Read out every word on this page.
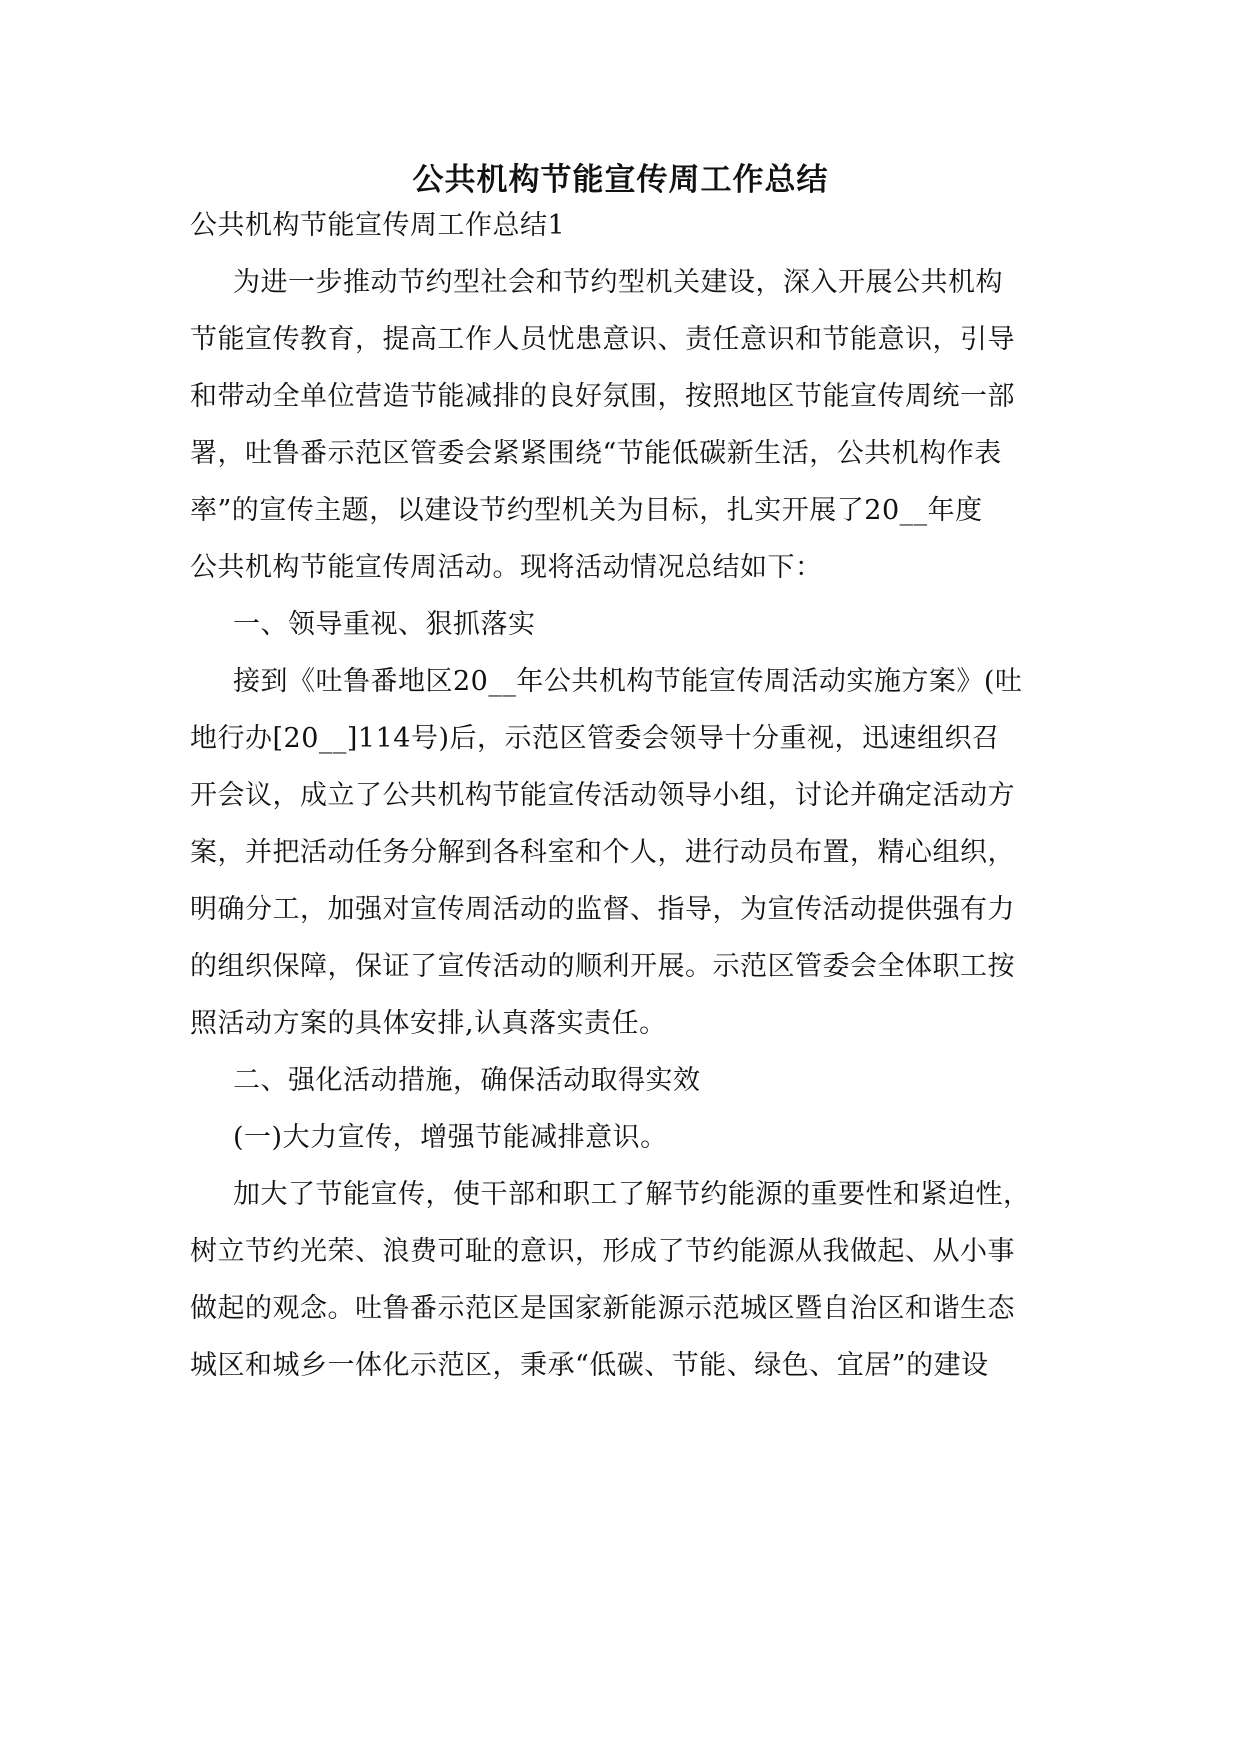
公共机构节能宣传周工作总结
公共机构节能宣传周工作总结1
为进一步推动节约型社会和节约型机关建设，深入开展公共机构
节能宣传教育，提高工作人员忧患意识、责任意识和节能意识，引导
和带动全单位营造节能减排的良好氛围，按照地区节能宣传周统一部
署，吐鲁番示范区管委会紧紧围绕“节能低碳新生活，公共机构作表
率”的宣传主题，以建设节约型机关为目标，扎实开展了20__年度
公共机构节能宣传周活动。现将活动情况总结如下：
一、领导重视、狠抓落实
接到《吐鲁番地区20__年公共机构节能宣传周活动实施方案》(吐
地行办[20__]114号)后，示范区管委会领导十分重视，迅速组织召
开会议，成立了公共机构节能宣传活动领导小组，讨论并确定活动方
案，并把活动任务分解到各科室和个人，进行动员布置，精心组织，
明确分工，加强对宣传周活动的监督、指导，为宣传活动提供强有力
的组织保障，保证了宣传活动的顺利开展。示范区管委会全体职工按
照活动方案的具体安排,认真落实责任。
二、强化活动措施，确保活动取得实效
(一)大力宣传，增强节能减排意识。
加大了节能宣传，使干部和职工了解节约能源的重要性和紧迫性，
树立节约光荣、浪费可耻的意识，形成了节约能源从我做起、从小事
做起的观念。吐鲁番示范区是国家新能源示范城区暨自治区和谐生态
城区和城乡一体化示范区，秉承“低碳、节能、绿色、宜居”的建设
